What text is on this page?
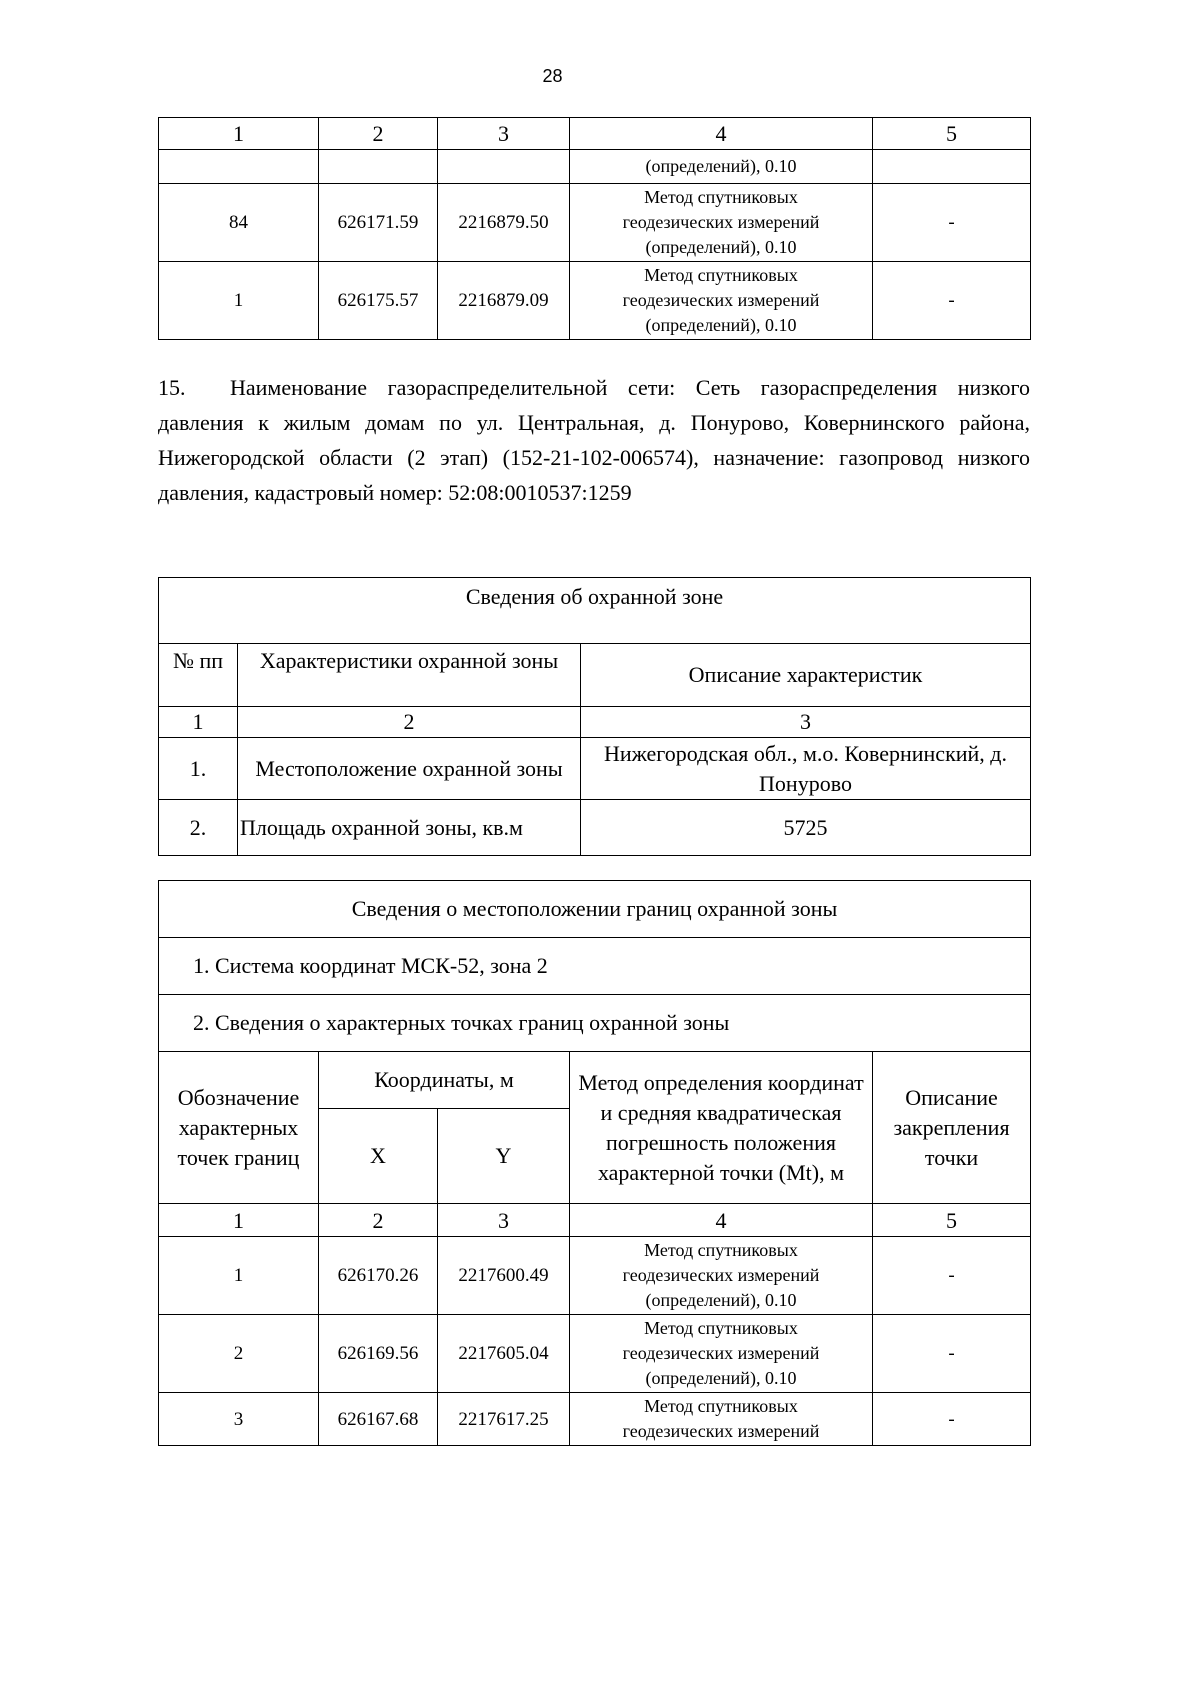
28
1	2	3	4	5
			(определений), 0.10	
84	626171.59	2216879.50	Метод спутниковых
геодезических измерений
(определений), 0.10	-
1	626175.57	2216879.09	Метод спутниковых
геодезических измерений
(определений), 0.10	-
15. Наименование газораспределительной сети: Сеть газораспределения низкого давления к жилым домам по ул. Центральная, д. Понурово, Ковернинского района, Нижегородской области (2 этап) (152-21-102-006574), назначение: газопровод низкого давления, кадастровый номер: 52:08:0010537:1259
Сведения об охранной зоне		
№ пп	Характеристики охранной зоны	Описание характеристик
1	2	3
1.	Местоположение охранной зоны	Нижегородская обл., м.о. Ковернинский, д. Понурово
2.	Площадь охранной зоны, кв.м	5725
Сведения о местоположении границ охранной зоны				
1. Система координат МСК-52, зона 2				
2. Сведения о характерных точках границ охранной зоны				
Обозначение характерных точек границ	Координаты, м		Метод определения координат и средняя квадратическая погрешность положения характерной точки (Mt), м	Описание закрепления точки
	X	Y		
1	2	3	4	5
1	626170.26	2217600.49	Метод спутниковых
геодезических измерений
(определений), 0.10	-
2	626169.56	2217605.04	Метод спутниковых
геодезических измерений
(определений), 0.10	-
3	626167.68	2217617.25	Метод спутниковых
геодезических измерений	-
